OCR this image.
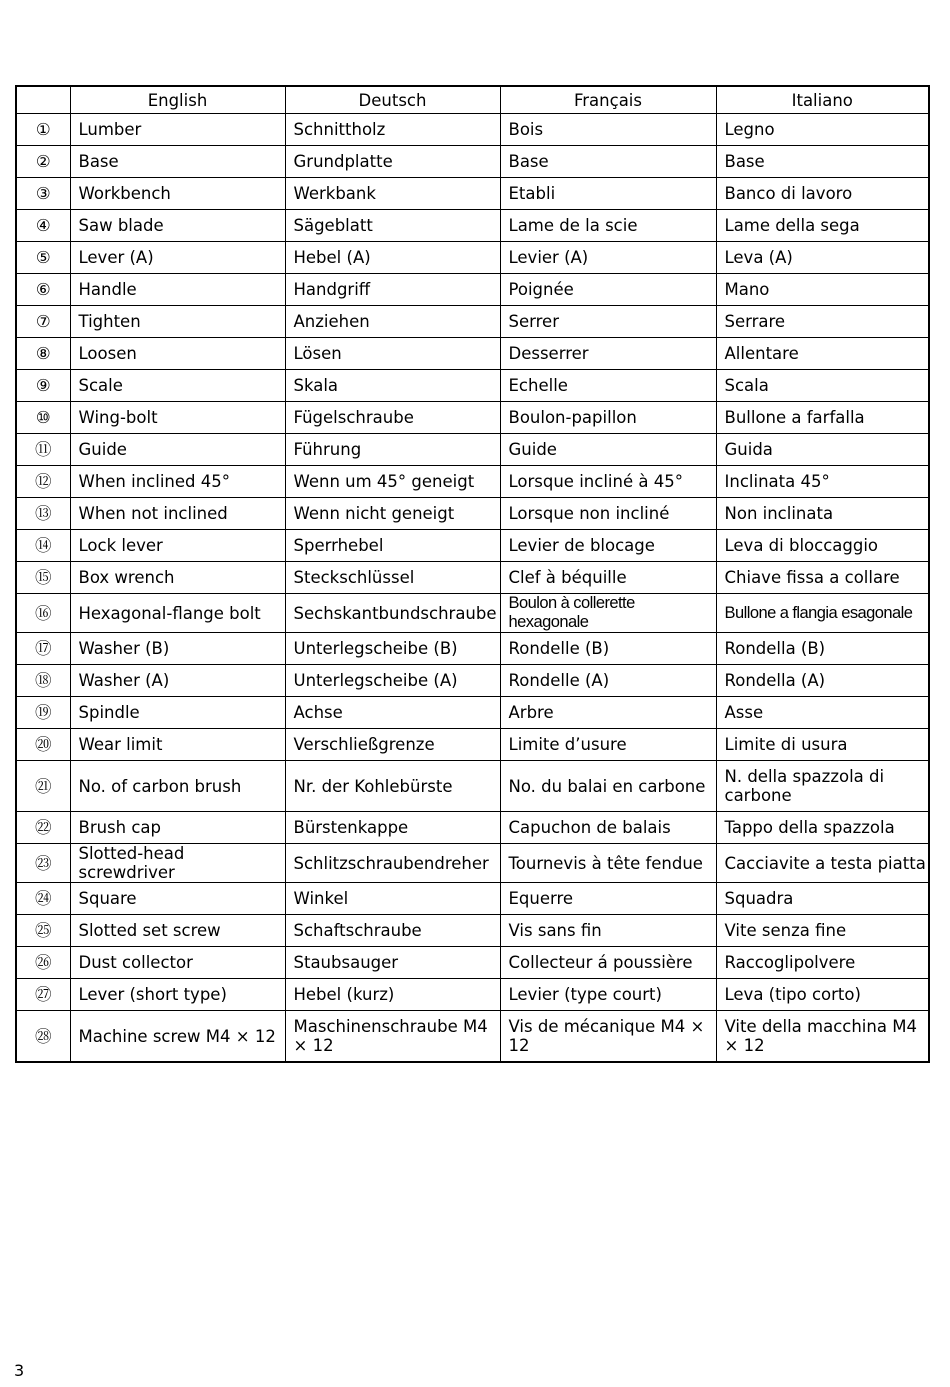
	English	Deutsch	Français	Italiano
①	Lumber	Schnittholz	Bois	Legno
②	Base	Grundplatte	Base	Base
③	Workbench	Werkbank	Etabli	Banco di lavoro
④	Saw blade	Sägeblatt	Lame de la scie	Lame della sega
⑤	Lever (A)	Hebel (A)	Levier (A)	Leva (A)
⑥	Handle	Handgriff	Poignée	Mano
⑦	Tighten	Anziehen	Serrer	Serrare
⑧	Loosen	Lösen	Desserrer	Allentare
⑨	Scale	Skala	Echelle	Scala
⑩	Wing-bolt	Fügelschraube	Boulon-papillon	Bullone a farfalla
⑪	Guide	Führung	Guide	Guida
⑫	When inclined 45°	Wenn um 45° geneigt	Lorsque incliné à 45°	Inclinata 45°
⑬	When not inclined	Wenn nicht geneigt	Lorsque non incliné	Non inclinata
⑭	Lock lever	Sperrhebel	Levier de blocage	Leva di bloccaggio
⑮	Box wrench	Steckschlüssel	Clef à béquille	Chiave fissa a collare
⑯	Hexagonal-flange bolt	Sechskantbundschraube	Boulon à collerette hexagonale	Bullone a flangia esagonale
⑰	Washer (B)	Unterlegscheibe (B)	Rondelle (B)	Rondella (B)
⑱	Washer (A)	Unterlegscheibe (A)	Rondelle (A)	Rondella (A)
⑲	Spindle	Achse	Arbre	Asse
⑳	Wear limit	Verschließgrenze	Limite d’usure	Limite di usura
㉑	No. of carbon brush	Nr. der Kohlebürste	No. du balai en carbone	N. della spazzola di carbone
㉒	Brush cap	Bürstenkappe	Capuchon de balais	Tappo della spazzola
㉓	Slotted-head screwdriver	Schlitzschraubendreher	Tournevis à tête fendue	Cacciavite a testa piatta
㉔	Square	Winkel	Equerre	Squadra
㉕	Slotted set screw	Schaftschraube	Vis sans fin	Vite senza fine
㉖	Dust collector	Staubsauger	Collecteur á poussière	Raccoglipolvere
㉗	Lever (short type)	Hebel (kurz)	Levier (type court)	Leva (tipo corto)
㉘	Machine screw M4 × 12	Maschinenschraube M4 × 12	Vis de mécanique M4 × 12	Vite della macchina M4 × 12
3
